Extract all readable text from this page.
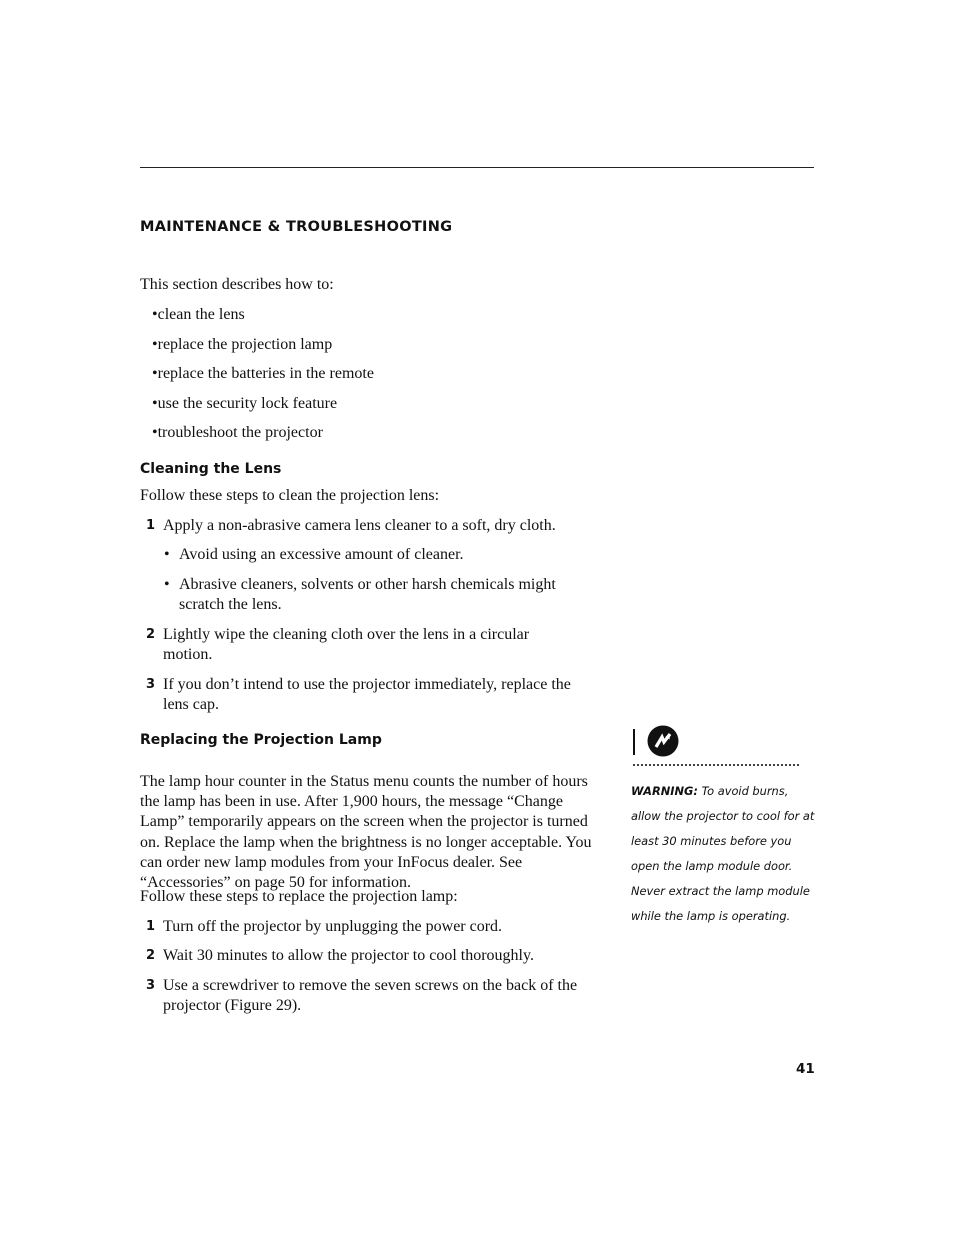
MAINTENANCE & TROUBLESHOOTING

This section describes how to:

•clean the lens

•replace the projection lamp

•replace the batteries in the remote

•use the security lock feature

•troubleshoot the projector

Cleaning the Lens

Follow these steps to clean the projection lens:

1 Apply a non-abrasive camera lens cleaner to a soft, dry cloth.
• Avoid using an excessive amount of cleaner.
• Abrasive cleaners, solvents or other harsh chemicals might scratch the lens.
2 Lightly wipe the cleaning cloth over the lens in a circular motion.
3 If you don’t intend to use the projector immediately, replace the lens cap.
Replacing the Projection Lamp

The lamp hour counter in the Status menu counts the number of hours the lamp has been in use. After 1,900 hours, the message “Change Lamp” temporarily appears on the screen when the projector is turned on. Replace the lamp when the brightness is no longer acceptable. You can order new lamp modules from your InFocus dealer. See “Accessories” on page 50 for information.

Follow these steps to replace the projection lamp:

1 Turn off the projector by unplugging the power cord.
2 Wait 30 minutes to allow the projector to cool thoroughly.
3 Use a screwdriver to remove the seven screws on the back of the projector (Figure 29).

WARNING: To avoid burns, allow the projector to cool for at least 30 minutes before you open the lamp module door. Never extract the lamp module while the lamp is operating.

41
